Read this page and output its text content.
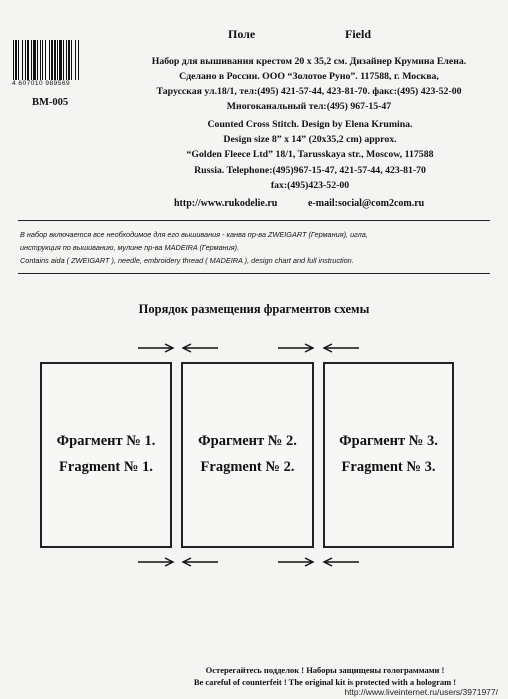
4 607010 989569
ВМ-005
Поле	Field
Набор для вышивания крестом 20 х 35,2 см. Дизайнер Крумина Елена.
Сделано в России. ООО “Золотое Руно”. 117588, г. Москва,
Тарусская ул.18/1, тел:(495) 421-57-44, 423-81-70. факс:(495) 423-52-00
Многоканальный тел:(495) 967-15-47
Counted Cross Stitch. Design by Elena Krumina.
Design size 8” x 14” (20х35,2 cm) approx.
“Golden Fleece Ltd” 18/1, Tarusskaya str., Moscow, 117588
Russia. Telephone:(495)967-15-47, 421-57-44, 423-81-70
fax:(495)423-52-00
http://www.rukodelie.ru	e-mail:social@com2com.ru
В набор включается все необходимое для его вышивания - канва пр-ва ZWEIGART (Германия), игла,
инструкция по вышиванию, мулине пр-ва MADEIRA (Германия).
Contains aida ( ZWEIGART ), needle, embroidery thread ( MADEIRA ), design chart and full instruction.
Порядок размещения фрагментов схемы
Фрагмент № 1.
Fragment № 1.
Фрагмент № 2.
Fragment № 2.
Фрагмент № 3.
Fragment № 3.
Остерегайтесь подделок ! Наборы защищены голограммами !
Be careful of counterfeit ! The original kit is protected with a hologram !
http://www.liveinternet.ru/users/3971977/
